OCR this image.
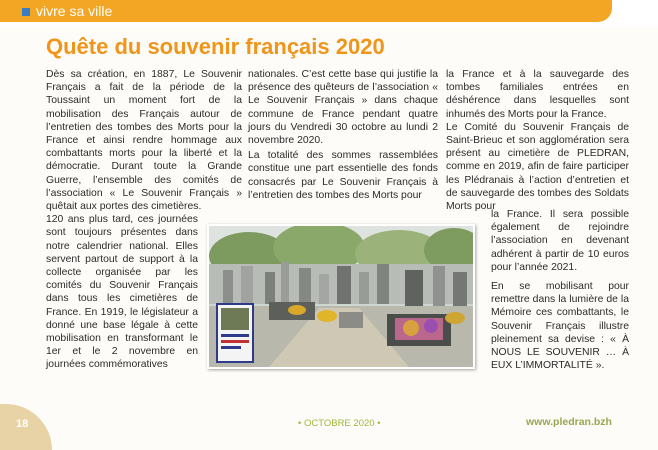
vivre sa ville
Quête du souvenir français 2020

Dès sa création, en 1887, Le Souvenir Français a fait de la période de la Toussaint un moment fort de la mobilisation des Français autour de l’entretien des tombes des Morts pour la France et ainsi rendre hommage aux combattants morts pour la liberté et la démocratie. Durant toute la Grande Guerre, l’ensemble des comités de l’association « Le Souvenir Français » quêtait aux portes des cimetières.

120 ans plus tard, ces journées sont toujours présentes dans notre calendrier national. Elles servent partout de support à la collecte organisée par les comités du Souvenir Français dans tous les cimetières de France. En 1919, le législateur a donné une base légale à cette mobilisation en transformant le 1er et le 2 novembre en journées commémoratives

nationales. C’est cette base qui justifie la présence des quêteurs de l’association « Le Souvenir Français » dans chaque commune de France pendant quatre jours du Vendredi 30 octobre au lundi 2 novembre 2020.

La totalité des sommes rassemblées constitue une part essentielle des fonds consacrés par Le Souvenir Français à l’entretien des tombes des Morts pour

la France et à la sauvegarde des tombes familiales entrées en déshérence dans lesquelles sont inhumés des Morts pour la France.

Le Comité du Souvenir Français de Saint-Brieuc et son agglomération sera présent au cimetière de PLEDRAN, comme en 2019, afin de faire participer les Plédranais à l’action d’entretien et de sauvegarde des tombes des Soldats Morts pour

la France. Il sera possible également de rejoindre l’association en devenant adhérent à partir de 10 euros pour l’année 2021.

En se mobilisant pour remettre dans la lumière de la Mémoire ces combattants, le Souvenir Français illustre pleinement sa devise : « À NOUS LE SOUVENIR … À EUX L’IMMORTALITÉ ».

18	• OCTOBRE 2020 •	www.pledran.bzh
